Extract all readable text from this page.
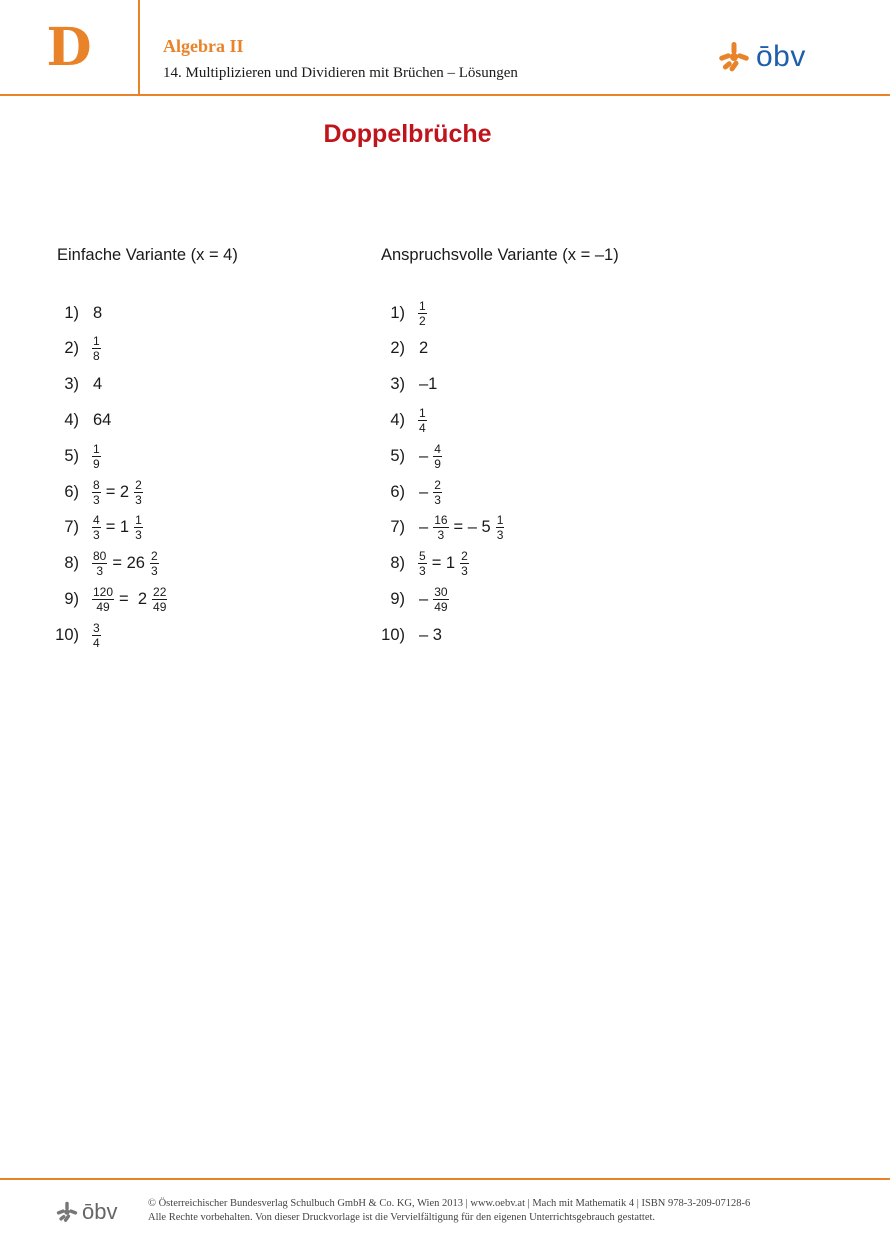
D	Algebra II
14. Multiplizieren und Dividieren mit Brüchen – Lösungen	ōbv
Doppelbrüche
Einfache Variante (x = 4)	Anspruchsvolle Variante (x = –1)
1) 8
$2) \frac{1}{8}$
3) 4
4) 64
$5) \frac{1}{9}$
$6) \frac{8}{3} = 2 \frac{2}{3}$
$7) \frac{4}{3} = 1 \frac{1}{3}$
$8) \frac{80}{3} = 26 \frac{2}{3}$
$9) \frac{120}{49} = 2 \frac{22}{49}$
$10) \frac{3}{4}$
$1) \frac{1}{2}$
2) 2
3) –1
$4) \frac{1}{4}$
$5) - \frac{4}{9}$
$6) - \frac{2}{3}$
$7) - \frac{16}{3}$ = – $5 \frac{1}{3}$
$8) \frac{5}{3} = 1 \frac{2}{3}$
$9) - \frac{30}{49}$
10) – 3
ōbv	© Österreichischer Bundesverlag Schulbuch GmbH & Co. KG, Wien 2013 | www.oebv.at | Mach mit Mathematik 4 | ISBN 978-3-209-07128-6
Alle Rechte vorbehalten. Von dieser Druckvorlage ist die Vervielfältigung für den eigenen Unterrichtsgebrauch gestattet.
